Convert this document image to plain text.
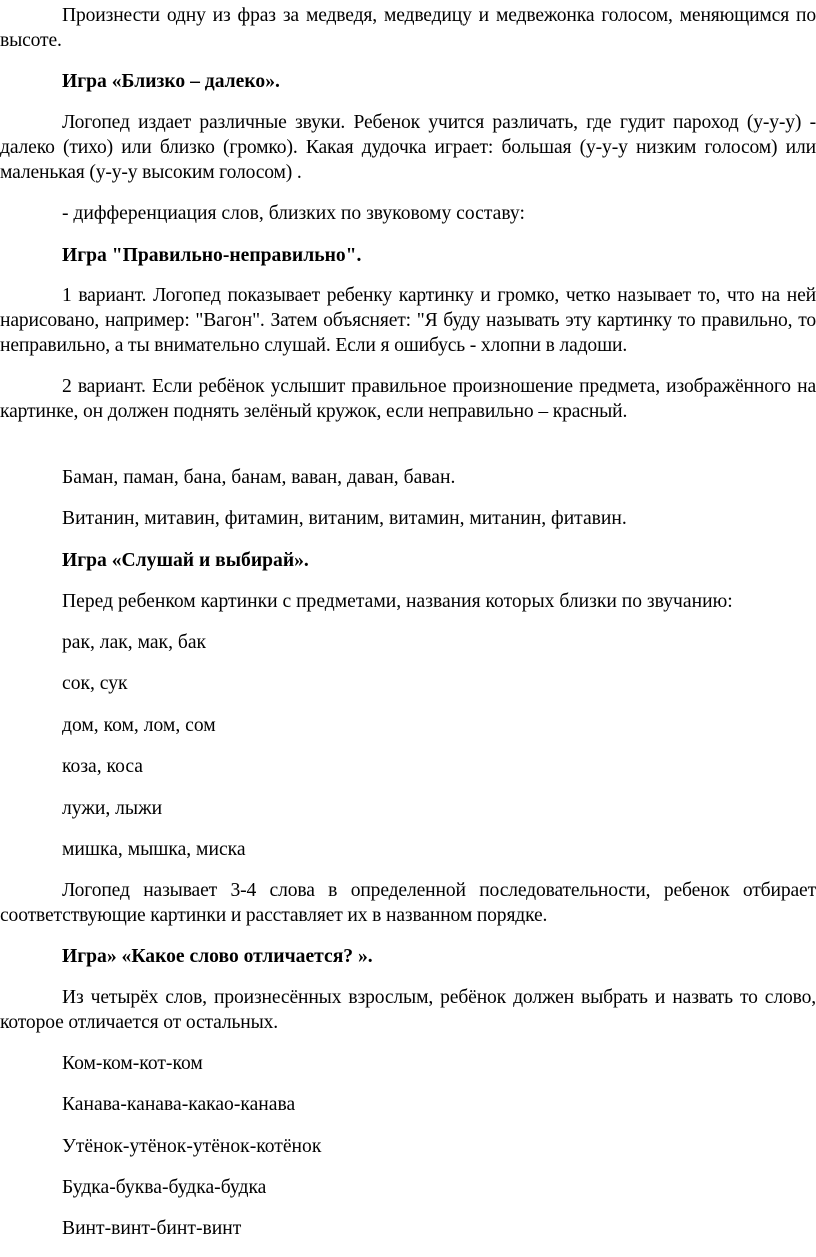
Произнести одну из фраз за медведя, медведицу и медвежонка голосом, меняющимся по высоте.

Игра «Близко – далеко».

Логопед издает различные звуки. Ребенок учится различать, где гудит пароход (у-у-у) - далеко (тихо) или близко (громко). Какая дудочка играет: большая (у-у-у низким голосом) или маленькая (у-у-у высоким голосом) .

- дифференциация слов, близких по звуковому составу:

Игра "Правильно-неправильно".

1 вариант. Логопед показывает ребенку картинку и громко, четко называет то, что на ней нарисовано, например: "Вагон". Затем объясняет: "Я буду называть эту картинку то правильно, то неправильно, а ты внимательно слушай. Если я ошибусь - хлопни в ладоши.

2 вариант. Если ребёнок услышит правильное произношение предмета, изображённого на картинке, он должен поднять зелёный кружок, если неправильно – красный.

Баман, паман, бана, банам, ваван, даван, баван.

Витанин, митавин, фитамин, витаним, витамин, митанин, фитавин.

Игра «Слушай и выбирай».

Перед ребенком картинки с предметами, названия которых близки по звучанию:

рак, лак, мак, бак

сок, сук

дом, ком, лом, сом

коза, коса

лужи, лыжи

мишка, мышка, миска

Логопед называет 3-4 слова в определенной последовательности, ребенок отбирает соответствующие картинки и расставляет их в названном порядке.

Игра» «Какое слово отличается? ».

Из четырёх слов, произнесённых взрослым, ребёнок должен выбрать и назвать то слово, которое отличается от остальных.

Ком-ком-кот-ком

Канава-канава-какао-канава

Утёнок-утёнок-утёнок-котёнок

Будка-буква-будка-будка

Винт-винт-бинт-винт
